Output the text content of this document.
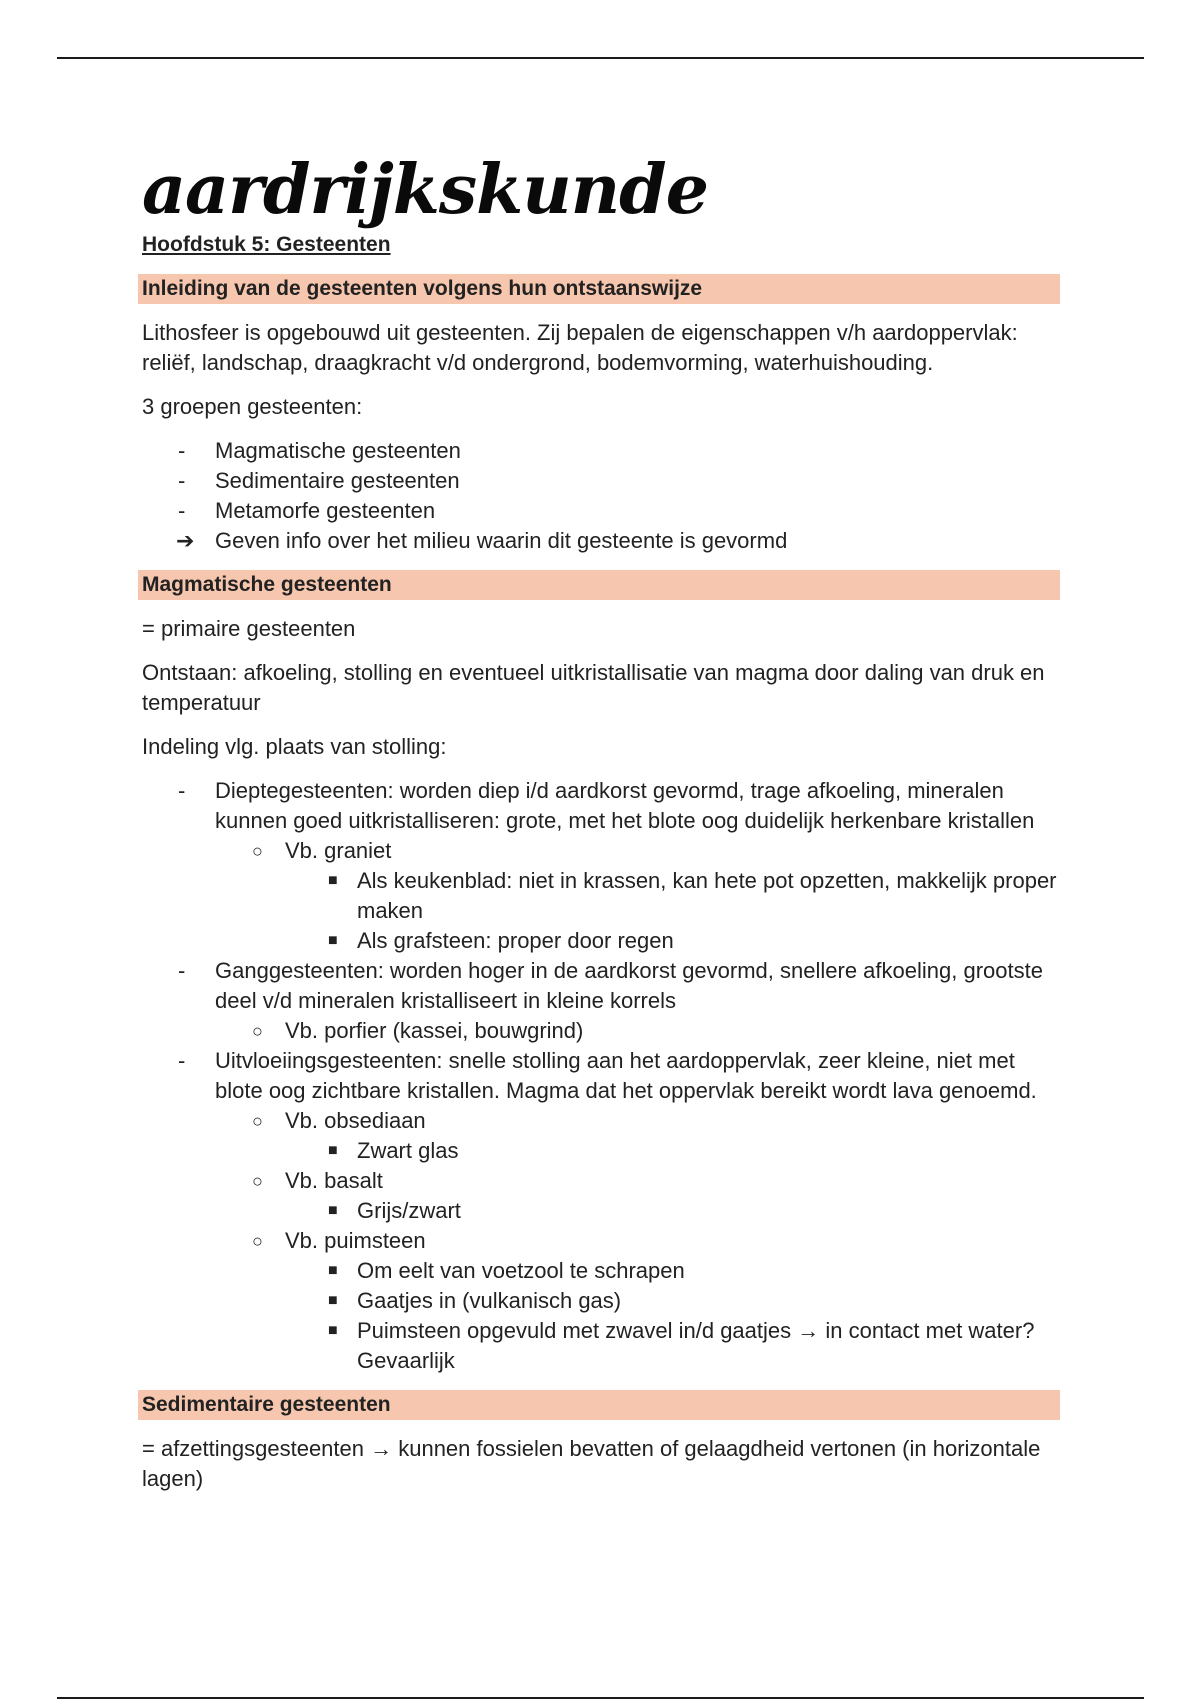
aardrijkskunde
Hoofdstuk 5: Gesteenten
Inleiding van de gesteenten volgens hun ontstaanswijze
Lithosfeer is opgebouwd uit gesteenten. Zij bepalen de eigenschappen v/h aardoppervlak:
reliëf, landschap, draagkracht v/d ondergrond, bodemvorming, waterhuishouding.
3 groepen gesteenten:
- Magmatische gesteenten
- Sedimentaire gesteenten
- Metamorfe gesteenten
➔ Geven info over het milieu waarin dit gesteente is gevormd
Magmatische gesteenten
= primaire gesteenten
Ontstaan: afkoeling, stolling en eventueel uitkristallisatie van magma door daling van druk en
temperatuur
Indeling vlg. plaats van stolling:
- Dieptegesteenten: worden diep i/d aardkorst gevormd, trage afkoeling, mineralen
kunnen goed uitkristalliseren: grote, met het blote oog duidelijk herkenbare kristallen
○ Vb. graniet
■ Als keukenblad: niet in krassen, kan hete pot opzetten, makkelijk proper
maken
■ Als grafsteen: proper door regen
- Ganggesteenten: worden hoger in de aardkorst gevormd, snellere afkoeling, grootste
deel v/d mineralen kristalliseert in kleine korrels
○ Vb. porfier (kassei, bouwgrind)
- Uitvloeiingsgesteenten: snelle stolling aan het aardoppervlak, zeer kleine, niet met
blote oog zichtbare kristallen. Magma dat het oppervlak bereikt wordt lava genoemd.
○ Vb. obsediaan
■ Zwart glas
○ Vb. basalt
■ Grijs/zwart
○ Vb. puimsteen
■ Om eelt van voetzool te schrapen
■ Gaatjes in (vulkanisch gas)
■ Puimsteen opgevuld met zwavel in/d gaatjes → in contact met water?
Gevaarlijk
Sedimentaire gesteenten
= afzettingsgesteenten → kunnen fossielen bevatten of gelaagdheid vertonen (in horizontale
lagen)
